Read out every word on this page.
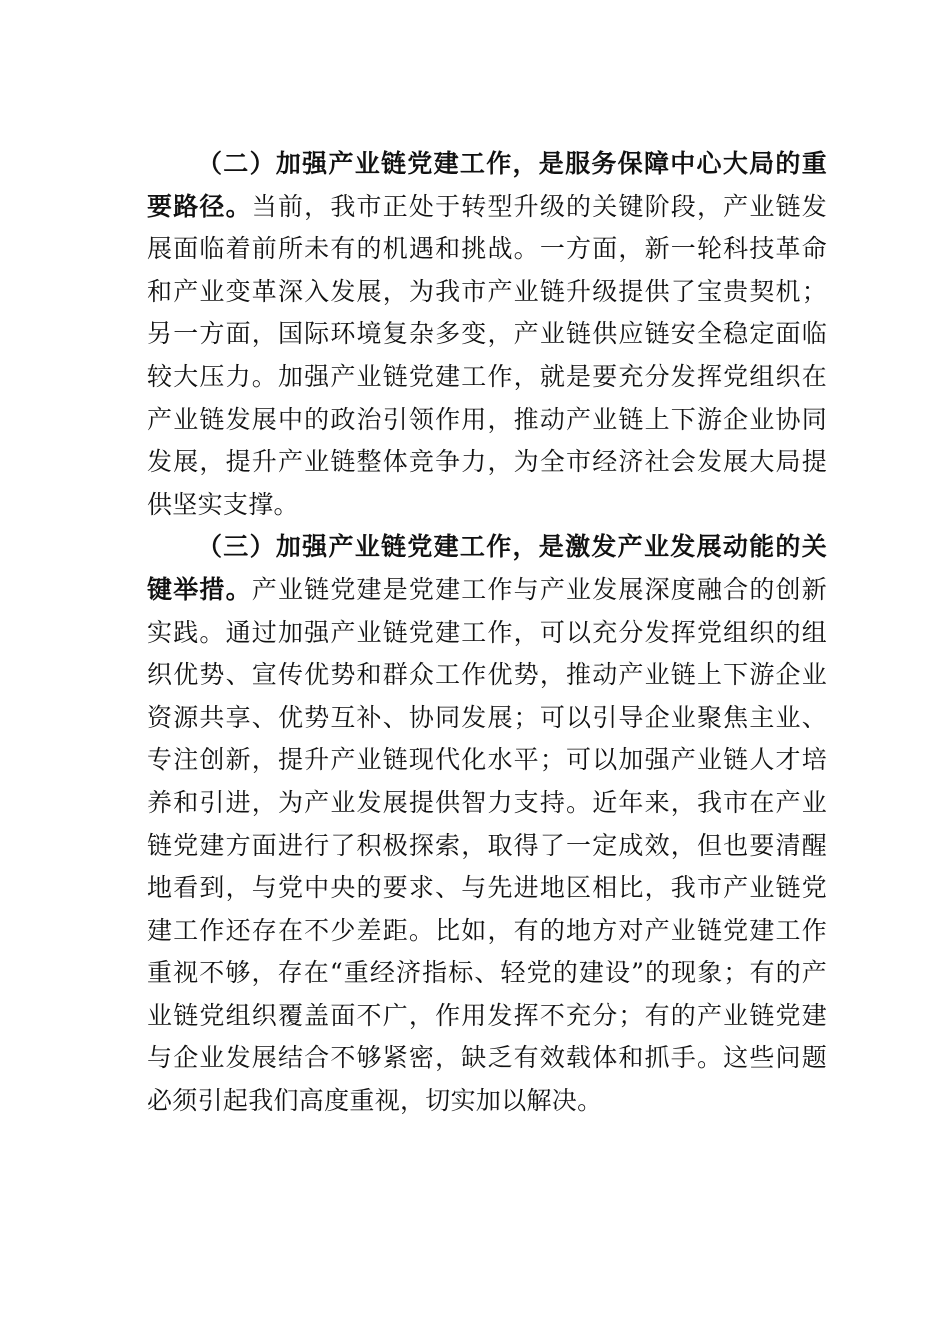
（二）加强产业链党建工作，是服务保障中心大局的重要路径。当前，我市正处于转型升级的关键阶段，产业链发展面临着前所未有的机遇和挑战。一方面，新一轮科技革命和产业变革深入发展，为我市产业链升级提供了宝贵契机；另一方面，国际环境复杂多变，产业链供应链安全稳定面临较大压力。加强产业链党建工作，就是要充分发挥党组织在产业链发展中的政治引领作用，推动产业链上下游企业协同发展，提升产业链整体竞争力，为全市经济社会发展大局提供坚实支撑。

（三）加强产业链党建工作，是激发产业发展动能的关键举措。产业链党建是党建工作与产业发展深度融合的创新实践。通过加强产业链党建工作，可以充分发挥党组织的组织优势、宣传优势和群众工作优势，推动产业链上下游企业资源共享、优势互补、协同发展；可以引导企业聚焦主业、专注创新，提升产业链现代化水平；可以加强产业链人才培养和引进，为产业发展提供智力支持。近年来，我市在产业链党建方面进行了积极探索，取得了一定成效，但也要清醒地看到，与党中央的要求、与先进地区相比，我市产业链党建工作还存在不少差距。比如，有的地方对产业链党建工作重视不够，存在“重经济指标、轻党的建设”的现象；有的产业链党组织覆盖面不广，作用发挥不充分；有的产业链党建与企业发展结合不够紧密，缺乏有效载体和抓手。这些问题必须引起我们高度重视，切实加以解决。
